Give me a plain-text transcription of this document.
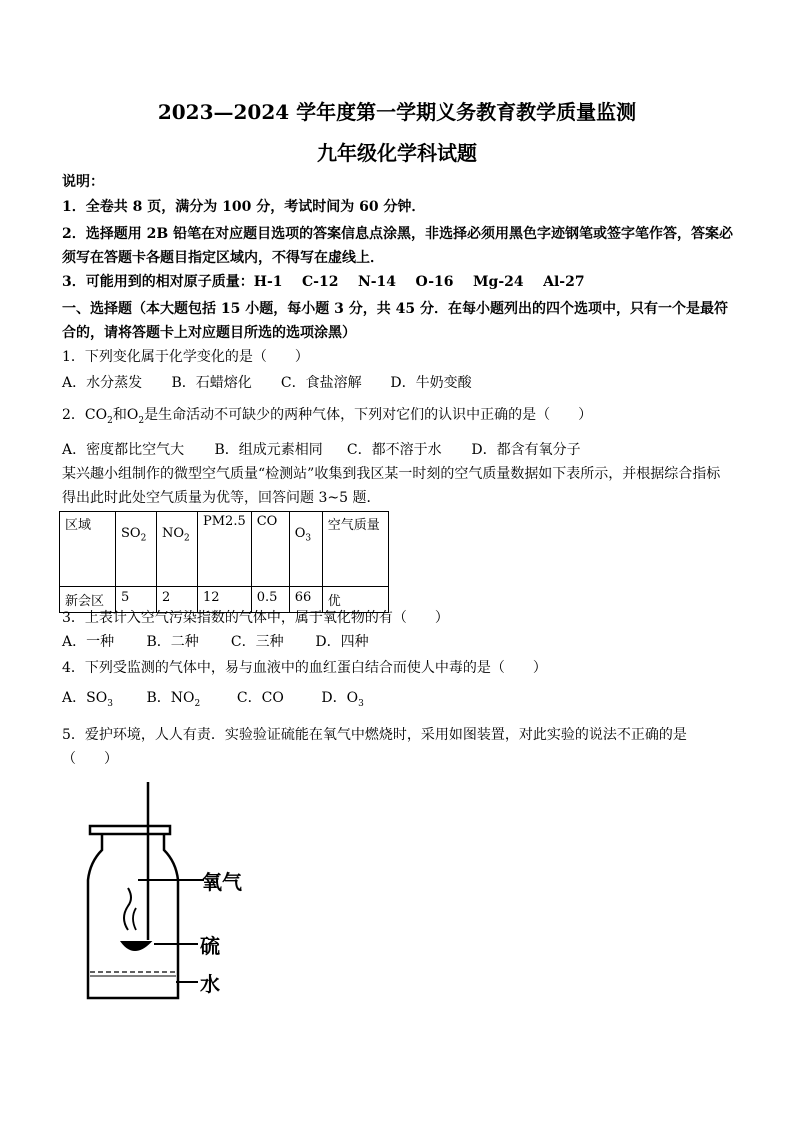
2023—2024 学年度第一学期义务教育教学质量监测
九年级化学科试题
说明：
1．全卷共 8 页，满分为 100 分，考试时间为 60 分钟．
2．选择题用 2B 铅笔在对应题目选项的答案信息点涂黑，非选择必须用黑色字迹钢笔或签字笔作答，答案必须写在答题卡各题目指定区域内，不得写在虚线上．
3．可能用到的相对原子质量：H-1    C-12    N-14    O-16    Mg-24    Al-27
一、选择题（本大题包括 15 小题，每小题 3 分，共 45 分．在每小题列出的四个选项中，只有一个是最符合的，请将答题卡上对应题目所选的选项涂黑）
1．下列变化属于化学变化的是（　　）
A．水分蒸发 B．石蜡熔化 C．食盐溶解 D．牛奶变酸
2．$CO_2$和$O_2$是生命活动不可缺少的两种气体，下列对它们的认识中正确的是（　　）
A．密度都比空气大 B．组成元素相同 C．都不溶于水 D．都含有氧分子
某兴趣小组制作的微型空气质量“检测站”收集到我区某一时刻的空气质量数据如下表所示，并根据综合指标得出此时此处空气质量为优等，回答问题 3~5 题．
区域	$SO_2$	$NO_2$	PM2.5	CO	$O_3$	空气质量
新会区	5	2	12	0.5	66	优
3．上表计入空气污染指数的气体中，属于氧化物的有（　　）
A．一种 B．二种 C．三种 D．四种
4．下列受监测的气体中，易与血液中的血红蛋白结合而使人中毒的是（　　）
A．$SO_3$ B．$NO_2$	C．CO	D．$O_3$
5．爱护环境，人人有责．实验验证硫能在氧气中燃烧时，采用如图装置，对此实验的说法不正确的是（　　）
氧气
硫
水
